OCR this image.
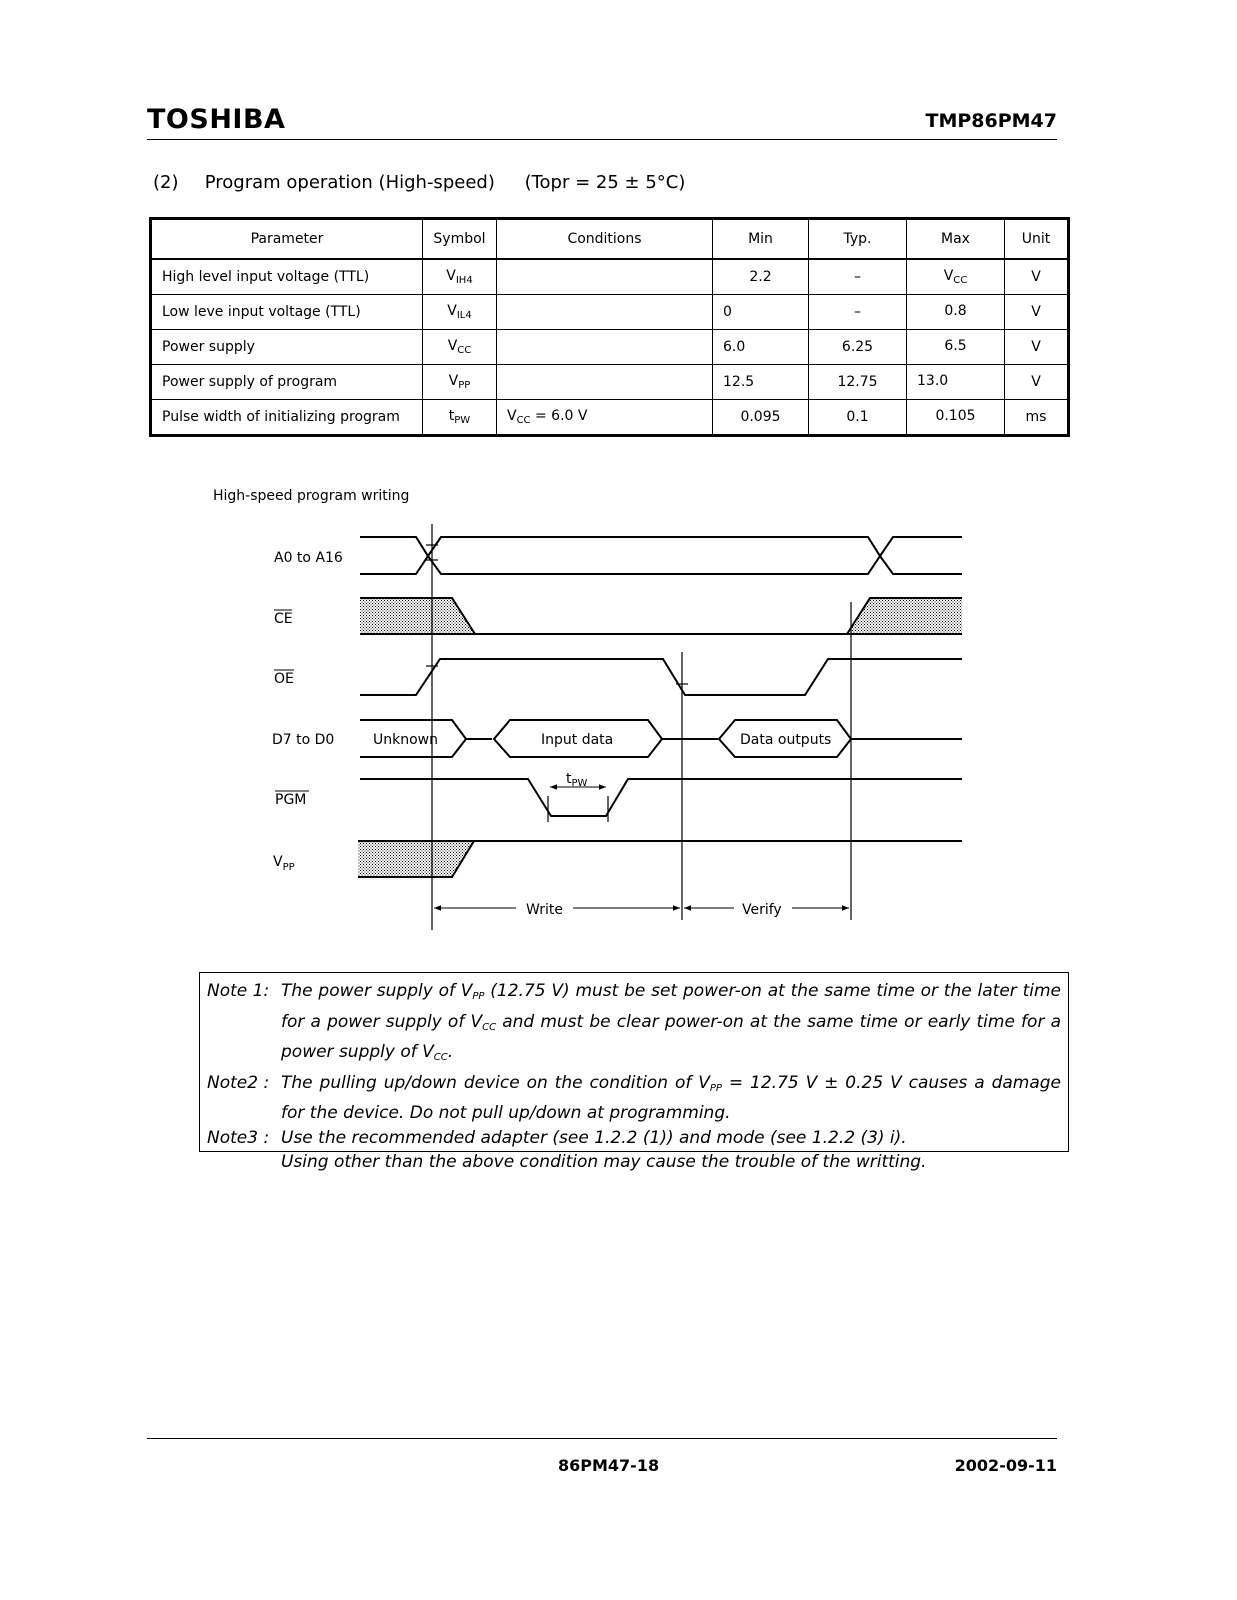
TOSHIBA	TMP86PM47
(2) Program operation (High-speed) (Topr = 25 ± 5°C)
Parameter	Symbol	Conditions	Min	Typ.	Max	Unit
High level input voltage (TTL)	$V_{IH4}$		2.2	–	$V_{CC}$	V
Low leve input voltage (TTL)	$V_{IL4}$		0	–	0.8	V
Power supply	$V_{CC}$		6.0	6.25	6.5	V
Power supply of program	$V_{PP}$		12.5	12.75	13.0	V
Pulse width of initializing program	$t_{PW}$	$V_{CC} = 6.0$ V	0.095	0.1	0.105	ms
High-speed program writing
A0 to A16
CE
OE
D7 to D0
PGM
$V_{PP}$
$t_{PW}$
Unknown	Input data	Data outputs
Write	Verify
Note 1: The power supply of $V_{PP}$ (12.75 V) must be set power-on at the same time or the later time for a power supply of $V_{CC}$ and must be clear power-on at the same time or early time for a power supply of $V_{CC}$.
Note2 : The pulling up/down device on the condition of $V_{PP} = 12.75$ V ± 0.25 V causes a damage for the device. Do not pull up/down at programming.
Note3 : Use the recommended adapter (see 1.2.2 (1)) and mode (see 1.2.2 (3) i).
Using other than the above condition may cause the trouble of the writting.
86PM47-18	2002-09-11
